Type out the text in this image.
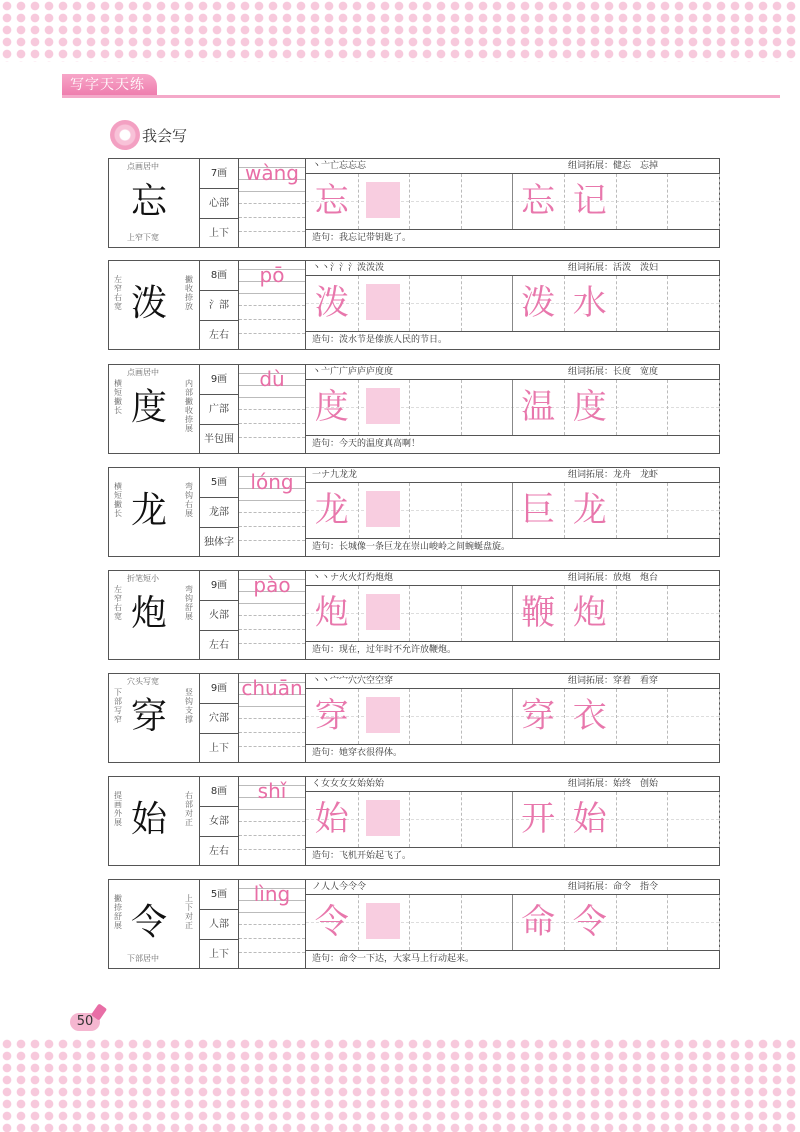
写字天天练
我会写
点画居中
忘
上窄下宽
7画
心部
上下
wàng	丶亠亡忘忘忘	组词拓展：健忘　忘掉
忘	忘 记
造句：我忘记带钥匙了。
左窄右宽 泼
撇收捺放
8画
氵部
左右
pō	丶丶氵氵氵泼泼泼	组词拓展：活泼　泼妇
泼	泼 水
造句：泼水节是傣族人民的节日。
点画居中
横短撇长 度
内部撇收捺展
9画
广部
半包围
dù	丶亠广广庐庐庐度度	组词拓展：长度　宽度
度	温 度
造句：今天的温度真高啊！
横短撇长 龙
弯钩右展
5画
龙部
独体字
lóng	一ナ九龙龙	组词拓展：龙舟　龙虾
龙	巨 龙
造句：长城像一条巨龙在崇山峻岭之间蜿蜒盘旋。
折笔短小
左窄右宽 炮
弯钩舒展
9画
火部
左右
pào	丶丶ナ火火灯灼炮炮	组词拓展：放炮　炮台
炮	鞭 炮
造句：现在，过年时不允许放鞭炮。
穴头写宽
下部写窄 穿
竖钩支撑
9画
穴部
上下
chuān 丶丶宀宀穴穴空空穿	组词拓展：穿着　看穿
穿	穿 衣
造句：她穿衣很得体。
提画外展 始
右部对正
8画
女部
左右
shǐ	く女女女女始始始	组词拓展：始终　创始
始	开 始
造句：飞机开始起飞了。
撇捺舒展 令
上下对正
下部居中
5画
人部
上下
lìng	ノ人人今令令	组词拓展：命令　指令
令	命 令
造句：命令一下达，大家马上行动起来。
50
